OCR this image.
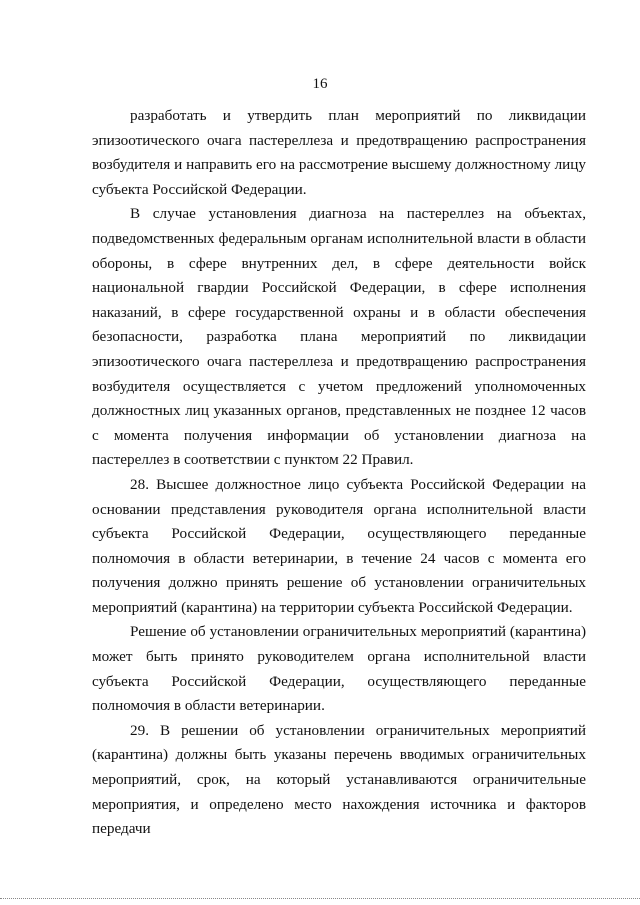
16

разработать и утвердить план мероприятий по ликвидации эпизоотического очага пастереллеза и предотвращению распространения возбудителя и направить его на рассмотрение высшему должностному лицу субъекта Российской Федерации.

В случае установления диагноза на пастереллез на объектах, подведомственных федеральным органам исполнительной власти в области обороны, в сфере внутренних дел, в сфере деятельности войск национальной гвардии Российской Федерации, в сфере исполнения наказаний, в сфере государственной охраны и в области обеспечения безопасности, разработка плана мероприятий по ликвидации эпизоотического очага пастереллеза и предотвращению распространения возбудителя осуществляется с учетом предложений уполномоченных должностных лиц указанных органов, представленных не позднее 12 часов с момента получения информации об установлении диагноза на пастереллез в соответствии с пунктом 22 Правил.

28. Высшее должностное лицо субъекта Российской Федерации на основании представления руководителя органа исполнительной власти субъекта Российской Федерации, осуществляющего переданные полномочия в области ветеринарии, в течение 24 часов с момента его получения должно принять решение об установлении ограничительных мероприятий (карантина) на территории субъекта Российской Федерации.

Решение об установлении ограничительных мероприятий (карантина) может быть принято руководителем органа исполнительной власти субъекта Российской Федерации, осуществляющего переданные полномочия в области ветеринарии.

29. В решении об установлении ограничительных мероприятий (карантина) должны быть указаны перечень вводимых ограничительных мероприятий, срок, на который устанавливаются ограничительные мероприятия, и определено место нахождения источника и факторов передачи
